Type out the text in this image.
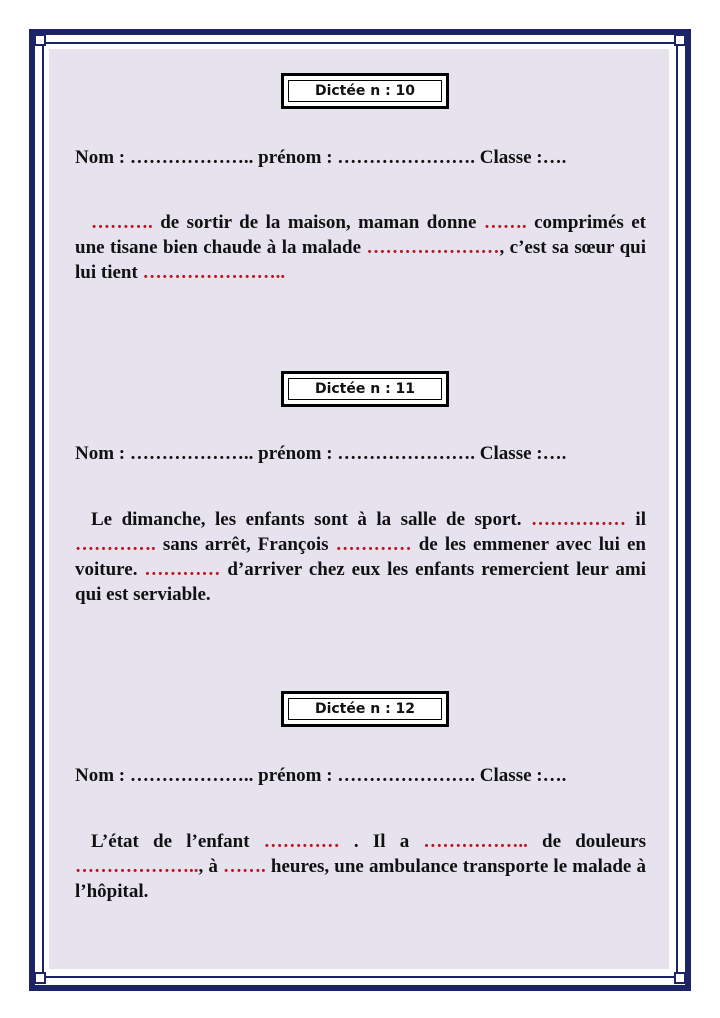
Dictée n : 10
Nom : ……………….. prénom : …………………. Classe :….
………. de sortir de la maison, maman donne ……. comprimés et une tisane bien chaude à la malade …………………, c’est sa sœur qui lui tient …………………..
Dictée n : 11
Nom : ……………….. prénom : …………………. Classe :….
Le dimanche, les enfants sont à la salle de sport. …………… il …………. sans arrêt, François ………… de les emmener avec lui en voiture. ………… d’arriver chez eux les enfants remercient leur ami qui est serviable.
Dictée n : 12
Nom : ……………….. prénom : …………………. Classe :….
L’état de l’enfant ………… . Il a …………….. de douleurs ……………….., à ……. heures, une ambulance transporte le malade à l’hôpital.
